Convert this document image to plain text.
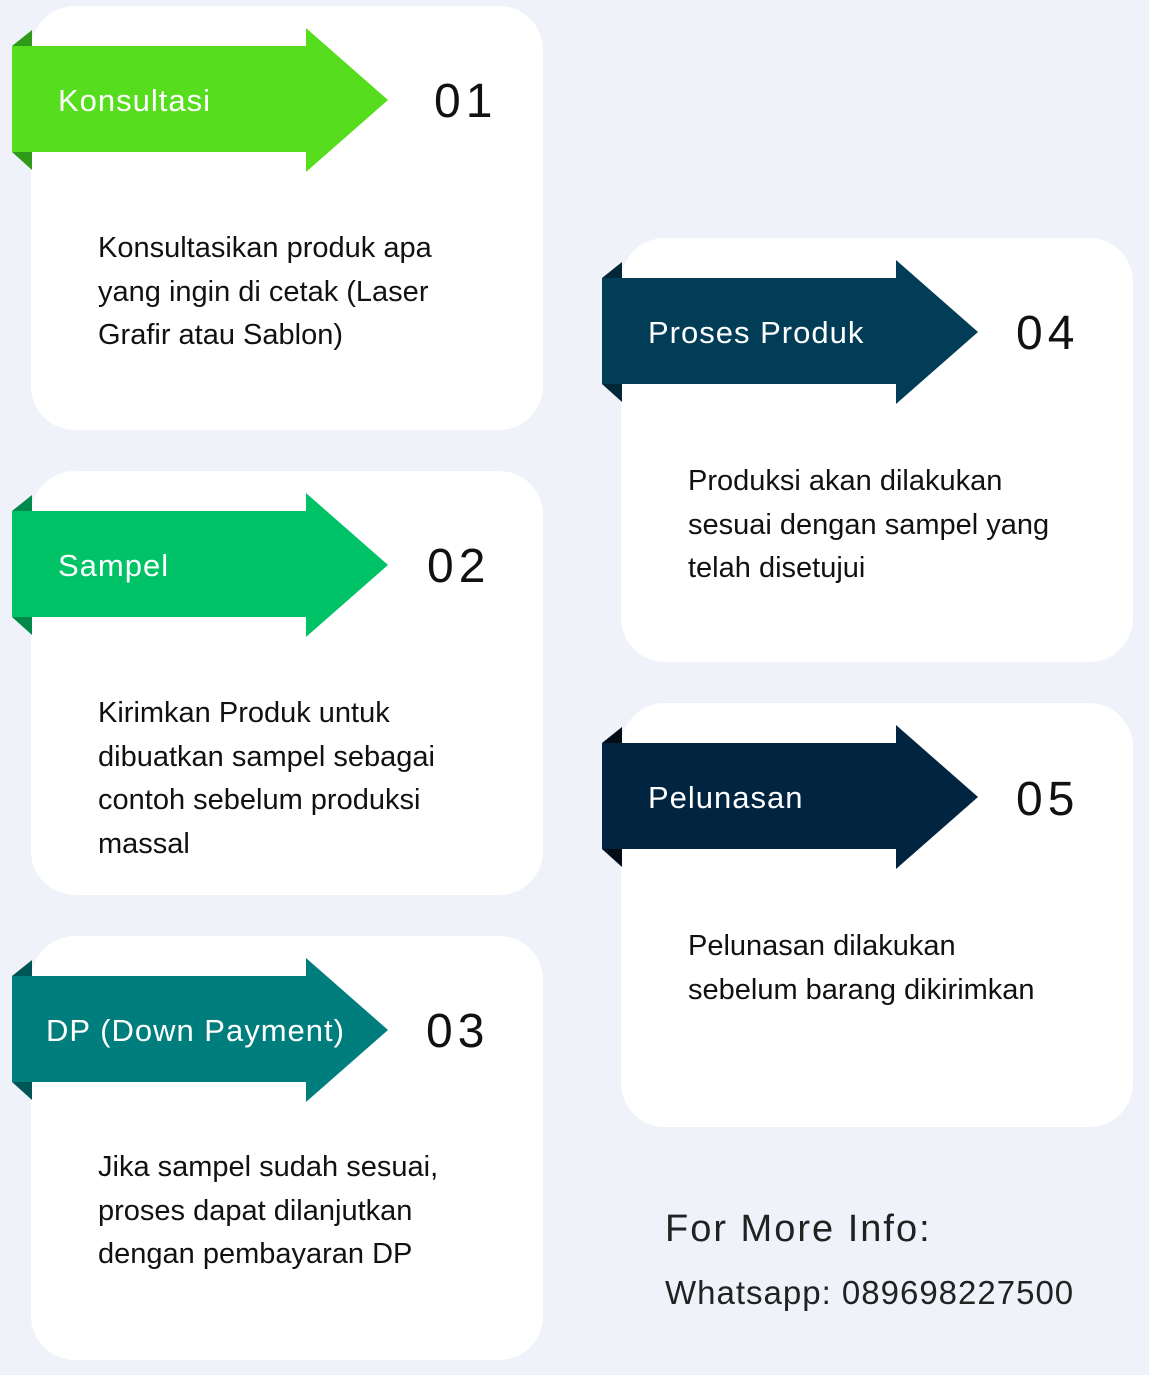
Konsultasi	01
Konsultasikan produk apa
yang ingin di cetak (Laser
Grafir atau Sablon)
Sampel	02
Kirimkan Produk untuk
dibuatkan sampel sebagai
contoh sebelum produksi
massal
DP (Down Payment) 03
Jika sampel sudah sesuai,
proses dapat dilanjutkan
dengan pembayaran DP
Proses Produk	04
Produksi akan dilakukan
sesuai dengan sampel yang
telah disetujui
Pelunasan	05
Pelunasan dilakukan
sebelum barang dikirimkan
For More Info:
Whatsapp: 089698227500
